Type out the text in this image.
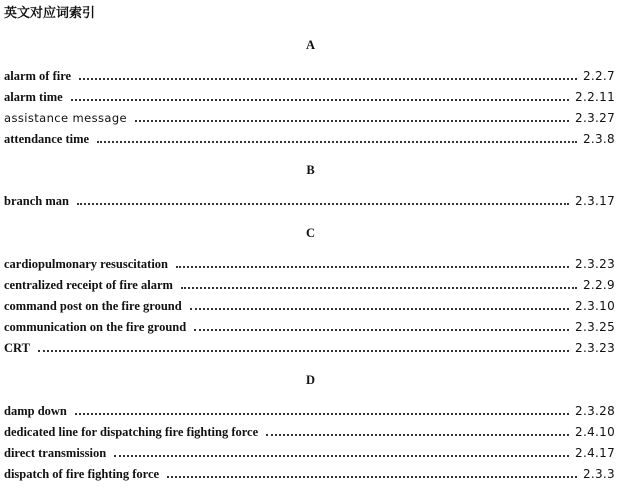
英文对应词索引
A
alarm of fire	2.2.7
alarm time	2.2.11
assistance message	2.3.27
attendance time	2.3.8
B
branch man	2.3.17
C
cardiopulmonary resuscitation	2.3.23
centralized receipt of fire alarm	2.2.9
command post on the fire ground	2.3.10
communication on the fire ground	2.3.25
CRT	2.3.23
D
damp down	2.3.28
dedicated line for dispatching fire fighting force	2.4.10
direct transmission	2.4.17
dispatch of fire fighting force	2.3.3
